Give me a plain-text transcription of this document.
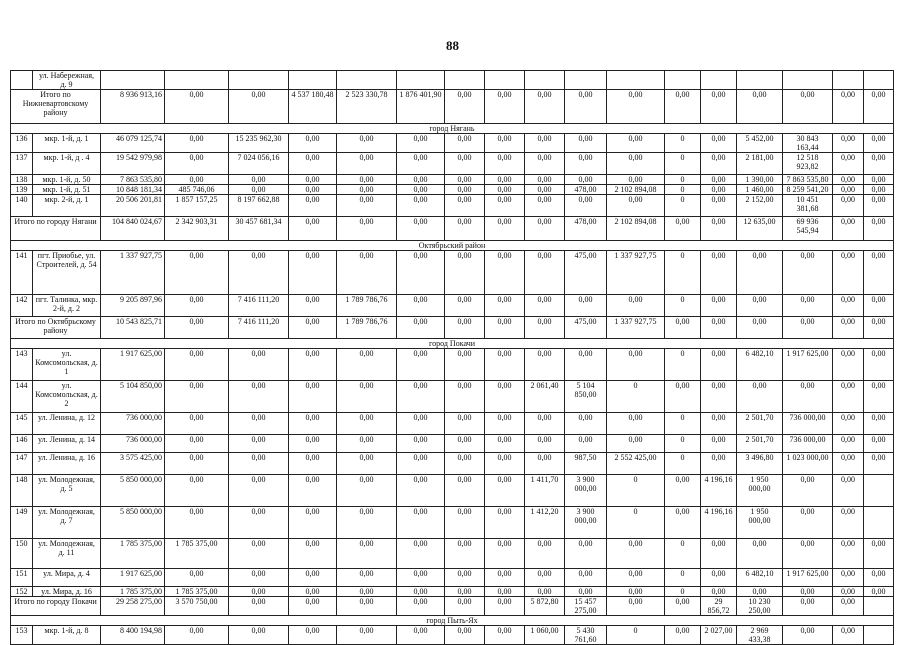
88
	ул. Набережная, д. 9																	
Итого по Нижневартовскому району		8 936 913,16	0,00	0,00	4 537 180,48	2 523 330,78	1 876 401,90	0,00	0,00	0,00	0,00	0,00	0,00	0,00	0,00	0,00	0,00	0,00
город Нягань																		
136	мкр. 1-й, д. 1	46 079 125,74	0,00	15 235 962,30	0,00	0,00	0,00	0,00	0,00	0,00	0,00	0,00	0	0,00	5 452,00	30 843 163,44	0,00	0,00
137	мкр. 1-й, д . 4	19 542 979,98	0,00	7 024 056,16	0,00	0,00	0,00	0,00	0,00	0,00	0,00	0,00	0	0,00	2 181,00	12 518 923,82	0,00	0,00
138	мкр. 1-й, д. 50	7 863 535,80	0,00	0,00	0,00	0,00	0,00	0,00	0,00	0,00	0,00	0,00	0	0,00	1 390,00	7 863 535,80	0,00	0,00
139	мкр. 1-й, д. 51	10 848 181,34	485 746,06	0,00	0,00	0,00	0,00	0,00	0,00	0,00	478,00	2 102 894,08	0	0,00	1 460,00	8 259 541,20	0,00	0,00
140	мкр. 2-й, д. 1	20 506 201,81	1 857 157,25	8 197 662,88	0,00	0,00	0,00	0,00	0,00	0,00	0,00	0,00	0	0,00	2 152,00	10 451 381,68	0,00	0,00
Итого по городу Нягани		104 840 024,67	2 342 903,31	30 457 681,34	0,00	0,00	0,00	0,00	0,00	0,00	478,00	2 102 894,08	0,00	0,00	12 635,00	69 936 545,94	0,00	0,00
Октябрьский район																		
141	пгт. Приобье, ул. Строителей, д. 54	1 337 927,75	0,00	0,00	0,00	0,00	0,00	0,00	0,00	0,00	475,00	1 337 927,75	0	0,00	0,00	0,00	0,00	0,00
142	пгт. Талинка, мкр. 2-й, д. 2	9 205 897,96	0,00	7 416 111,20	0,00	1 789 786,76	0,00	0,00	0,00	0,00	0,00	0,00	0	0,00	0,00	0,00	0,00	0,00
Итого по Октябрьскому району		10 543 825,71	0,00	7 416 111,20	0,00	1 789 786,76	0,00	0,00	0,00	0,00	475,00	1 337 927,75	0,00	0,00	0,00	0,00	0,00	0,00
город Покачи																		
143	ул. Комсомольская, д. 1	1 917 625,00	0,00	0,00	0,00	0,00	0,00	0,00	0,00	0,00	0,00	0,00	0	0,00	6 482,10	1 917 625,00	0,00	0,00
144	ул. Комсомольская, д. 2	5 104 850,00	0,00	0,00	0,00	0,00	0,00	0,00	0,00	2 061,40	5 104 850,00	0	0,00	0,00	0,00	0,00	0,00	0,00
145	ул. Ленина, д. 12	736 000,00	0,00	0,00	0,00	0,00	0,00	0,00	0,00	0,00	0,00	0,00	0	0,00	2 501,70	736 000,00	0,00	0,00
146	ул. Ленина, д. 14	736 000,00	0,00	0,00	0,00	0,00	0,00	0,00	0,00	0,00	0,00	0,00	0	0,00	2 501,70	736 000,00	0,00	0,00
147	ул. Ленина, д. 16	3 575 425,00	0,00	0,00	0,00	0,00	0,00	0,00	0,00	0,00	987,50	2 552 425,00	0	0,00	3 496,80	1 023 000,00	0,00	0,00
148	ул. Молодежная, д. 5	5 850 000,00	0,00	0,00	0,00	0,00	0,00	0,00	0,00	1 411,70	3 900 000,00	0	0,00	4 196,16	1 950 000,00	0,00	0,00	
149	ул. Молодежная, д. 7	5 850 000,00	0,00	0,00	0,00	0,00	0,00	0,00	0,00	1 412,20	3 900 000,00	0	0,00	4 196,16	1 950 000,00	0,00	0,00	
150	ул. Молодежная, д. 11	1 785 375,00	1 785 375,00	0,00	0,00	0,00	0,00	0,00	0,00	0,00	0,00	0,00	0	0,00	0,00	0,00	0,00	0,00
151	ул. Мира, д. 4	1 917 625,00	0,00	0,00	0,00	0,00	0,00	0,00	0,00	0,00	0,00	0,00	0	0,00	6 482,10	1 917 625,00	0,00	0,00
152	ул. Мира, д. 16	1 785 375,00	1 785 375,00	0,00	0,00	0,00	0,00	0,00	0,00	0,00	0,00	0,00	0	0,00	0,00	0,00	0,00	0,00
Итого по городу Покачи		29 258 275,00	3 570 750,00	0,00	0,00	0,00	0,00	0,00	0,00	5 872,80	15 457 275,00	0,00	0,00	29 856,72	10 230 250,00	0,00	0,00	
город Пыть-Ях																		
153	мкр. 1-й, д. 8	8 400 194,98	0,00	0,00	0,00	0,00	0,00	0,00	0,00	1 060,00	5 430 761,60	0	0,00	2 027,00	2 969 433,38	0,00	0,00	
